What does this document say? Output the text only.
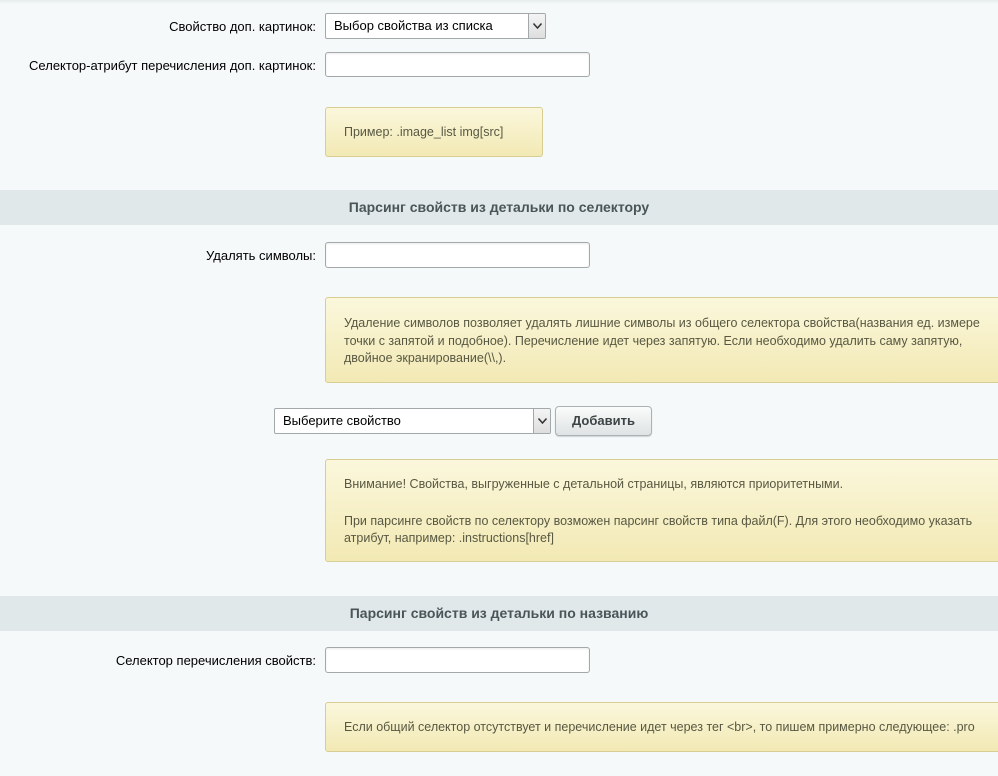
Свойство доп. картинок:	Выбор свойства из списка
Селектор-атрибут перечисления доп. картинок:
Пример: .image_list img[src]
Парсинг свойств из детальки по селектору
Удалять символы:

Удаление символов позволяет удалять лишние символы из общего селектора свойства(названия ед. измере

точки с запятой и подобное). Перечисление идет через запятую. Если необходимо удалить саму запятую,

двойное экранирование(\\,).

Выберите свойство	Добавить

Внимание! Свойства, выгруженные с детальной страницы, являются приоритетными.

При парсинге свойств по селектору возможен парсинг свойств типа файл(F). Для этого необходимо указать

атрибут, например: .instructions[href]

Парсинг свойств из детальки по названию
Селектор перечисления свойств:
Если общий селектор отсутствует и перечисление идет через тег <br>, то пишем примерно следующее: .pro
